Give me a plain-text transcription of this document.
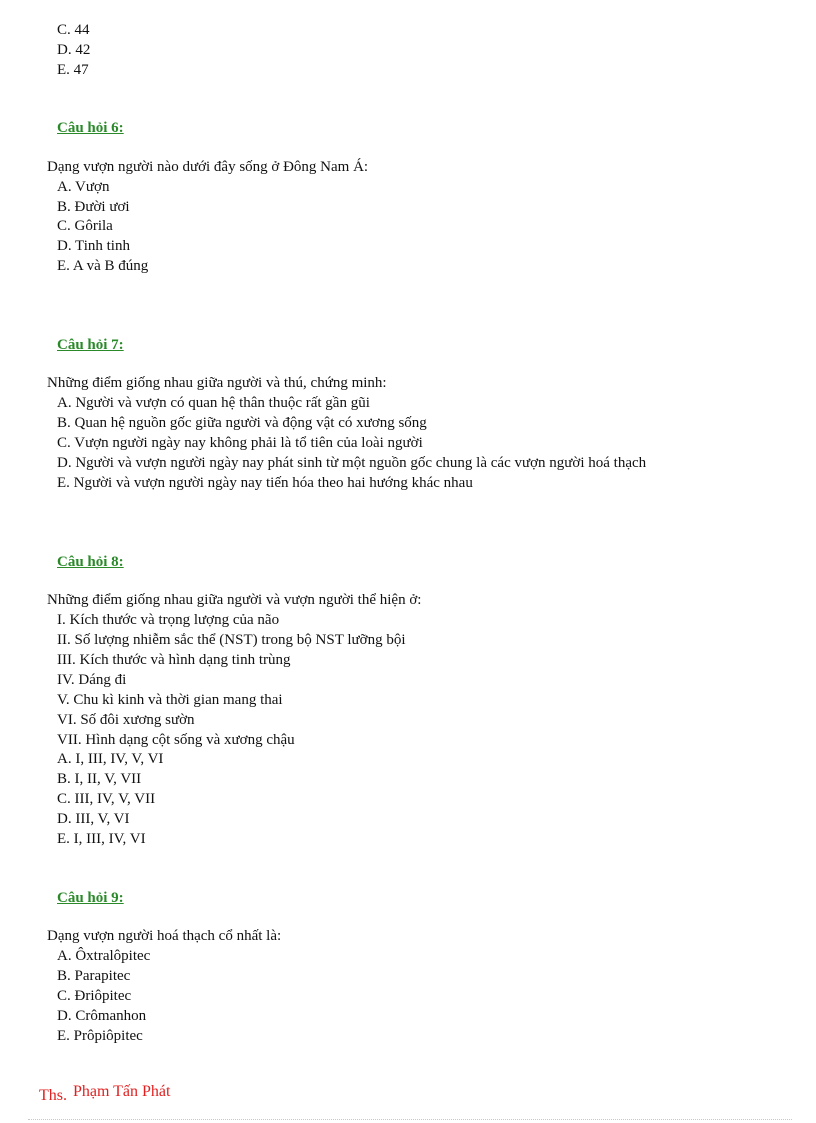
C. 44
D. 42
E. 47
Câu hỏi 6:
Dạng vượn người nào dưới đây sống ở Đông Nam Á:
A. Vượn
B. Đười ươi
C. Gôrila
D. Tinh tinh
E. A và B đúng
Câu hỏi 7:
Những điểm giống nhau giữa người và thú, chứng minh:
A. Người và vượn có quan hệ thân thuộc rất gần gũi
B. Quan hệ nguồn gốc giữa người và động vật có xương sống
C. Vượn người ngày nay không phải là tổ tiên của loài người
D. Người và vượn người ngày nay phát sinh từ một nguồn gốc chung là các vượn người hoá thạch
E. Người và vượn người ngày nay tiến hóa theo hai hướng khác nhau
Câu hỏi 8:
Những điểm giống nhau giữa người và vượn người thể hiện ở:
I. Kích thước và trọng lượng của não
II. Số lượng nhiễm sắc thể (NST) trong bộ NST lưỡng bội
III. Kích thước và hình dạng tinh trùng
IV. Dáng đi
V. Chu kì kinh và thời gian mang thai
VI. Số đôi xương sườn
VII. Hình dạng cột sống và xương chậu
A. I, III, IV, V, VI
B. I, II, V, VII
C. III, IV, V, VII
D. III, V, VI
E. I, III, IV, VI
Câu hỏi 9:
Dạng vượn người hoá thạch cổ nhất là:
A. Ôxtralôpitec
B. Parapitec
C. Đriôpitec
D. Crômanhon
E. Prôpiôpitec
Ths. Phạm Tấn Phát
